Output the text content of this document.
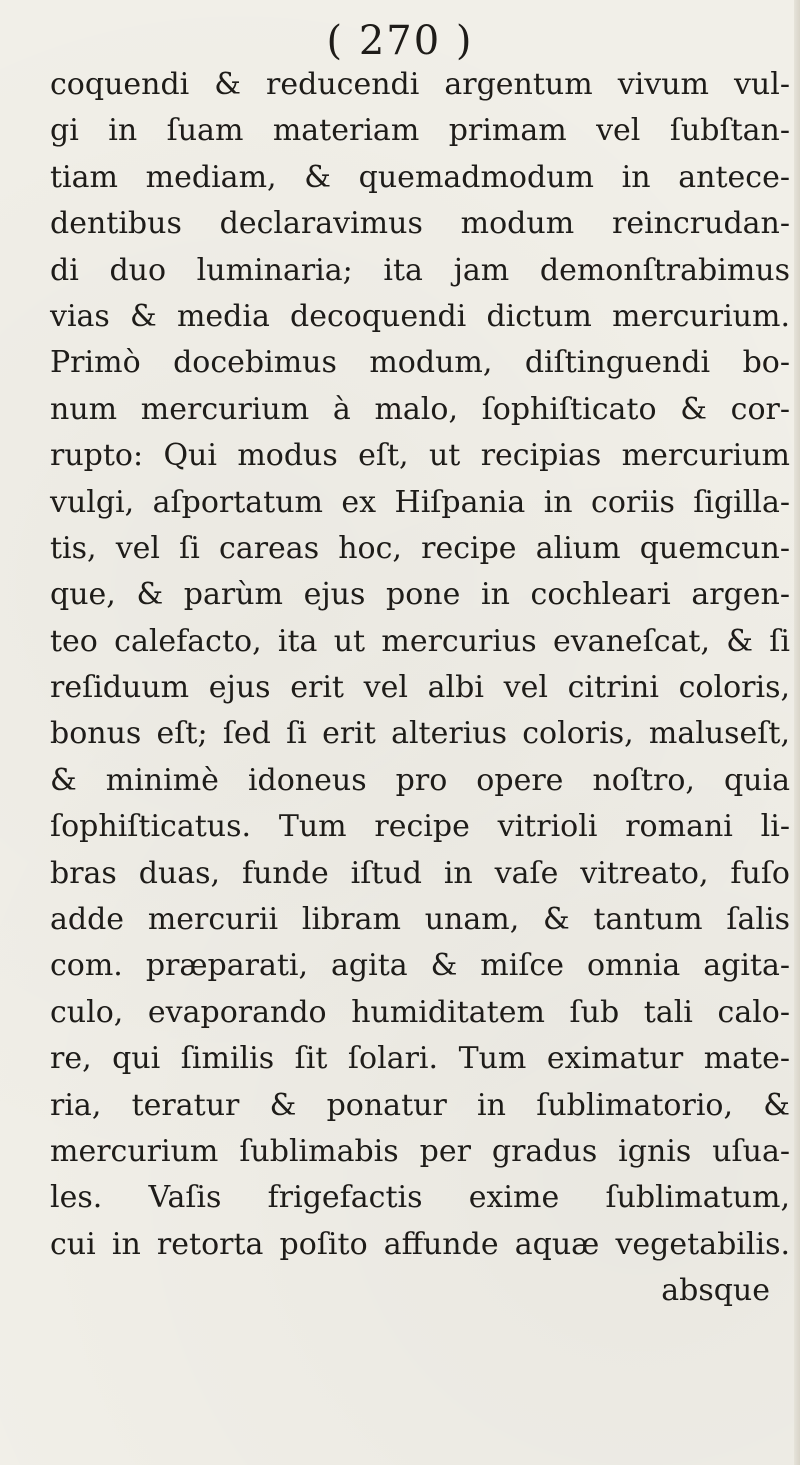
( 270 )
coquendi & reducendi argentum vivum vul-
gi in ſuam materiam primam vel ſubſtan-
tiam mediam, & quemadmodum in antece-
dentibus declaravimus modum reincrudan-
di duo luminaria; ita jam demonſtrabimus
vias & media decoquendi dictum mercurium.
Primò docebimus modum, diſtinguendi bo-
num mercurium à malo, ſophiſticato & cor-
rupto: Qui modus eſt, ut recipias mercurium
vulgi, aſportatum ex Hiſpania in coriis ſigilla-
tis, vel ſi careas hoc, recipe alium quemcun-
que, & parùm ejus pone in cochleari argen-
teo calefacto, ita ut mercurius evaneſcat, & ſi
reſiduum ejus erit vel albi vel citrini coloris,
bonus eſt; ſed ſi erit alterius coloris, maluseſt,
& minimè idoneus pro opere noſtro, quia
ſophiſticatus. Tum recipe vitrioli romani li-
bras duas, funde iſtud in vaſe vitreato, fuſo
adde mercurii libram unam, & tantum ſalis
com. præparati, agita & miſce omnia agita-
culo, evaporando humiditatem ſub tali calo-
re, qui ſimilis ſit ſolari. Tum eximatur mate-
ria, teratur & ponatur in ſublimatorio, &
mercurium ſublimabis per gradus ignis uſua-
les. Vaſis frigefactis exime ſublimatum,
cui in retorta poſito affunde aquæ vegetabilis.
absque
